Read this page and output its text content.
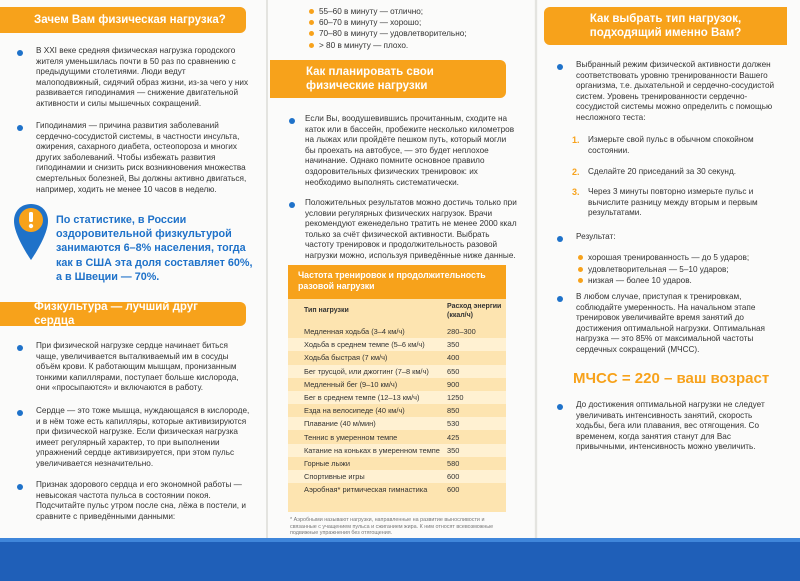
Зачем Вам физическая нагрузка?
В XXI веке средняя физическая нагрузка городского жителя уменьшилась почти в 50 раз по сравнению с предыдущими столетиями. Люди ведут малоподвижный, сидячий образ жизни, из-за чего у них развивается гиподинамия — снижение двигательной активности и силы мышечных сокращений.
Гиподинамия — причина развития заболеваний сердечно-сосудистой системы, в частности инсульта, ожирения, сахарного диабета, остеопороза и многих других заболеваний. Чтобы избежать развития гиподинамии и снизить риск возникновения множества смертельных болезней, Вы должны активно двигаться, например, ходить не менее 10 часов в неделю.
По статистике, в России оздоровительной физкультурой занимаются 6–8% населения, тогда как в США эта доля составляет 60%, а в Швеции — 70%.
Физкультура — лучший друг сердца
При физической нагрузке сердце начинает биться чаще, увеличивается выталкиваемый им в сосуды объём крови. К работающим мышцам, пронизанным тонкими капиллярами, поступает больше кислорода, они «просыпаются» и включаются в работу.
Сердце — это тоже мышца, нуждающаяся в кислороде, и в нём тоже есть капилляры, которые активизируются при физической нагрузке. Если физическая нагрузка имеет регулярный характер, то при выполнении упражнений сердце активизируется, при этом пульс увеличивается незначительно.
Признак здорового сердца и его экономной работы — невысокая частота пульса в состоянии покоя. Подсчитайте пульс утром после сна, лёжа в постели, и сравните с приведёнными данными:
55–60 в минуту — отлично;
60–70 в минуту — хорошо;
70–80 в минуту — удовлетворительно;
> 80 в минуту — плохо.
Как планировать свои физические нагрузки
Если Вы, воодушевившись прочитанным, сходите на каток или в бассейн, пробежите несколько километров на лыжах или пройдёте пешком путь, который могли бы проехать на автобусе, — это будет неплохое начинание. Однако помните основное правило оздоровительных физических тренировок: их необходимо выполнять систематически.
Положительных результатов можно достичь только при условии регулярных физических нагрузок. Врачи рекомендуют еженедельно тратить не менее 2000 ккал только за счёт физической активности. Выбрать частоту тренировок и продолжительность разовой нагрузки можно, используя приведённые ниже данные.
Частота тренировок и продолжительность разовой нагрузки
Тип нагрузки
Расход энергии (ккал/ч)
Медленная ходьба (3–4 км/ч)	280–300
Ходьба в среднем темпе (5–6 км/ч)	350
Ходьба быстрая (7 км/ч)	400
Бег трусцой, или джоггинг (7–8 км/ч) 650
Медленный бег (9–10 км/ч)	900
Бег в среднем темпе (12–13 км/ч)	1250
Езда на велосипеде (40 км/ч)	850
Плавание (40 м/мин)	530
Теннис в умеренном темпе	425
Катание на коньках в умеренном темпе 350
Горные лыжи	580
Спортивные игры	600
Аэробная* ритмическая гимнастика	600
* Аэробными называют нагрузки, направленные на развитие выносливости и связанные с учащением пульса и сжиганием жира. К ним относят всевозможные подвижные упражнения без отягощения.
Как выбрать тип нагрузок, подходящий именно Вам?
Выбранный режим физической активности должен соответствовать уровню тренированности Вашего организма, т.е. дыхательной и сердечно-сосудистой систем. Уровень тренированности сердечно-сосудистой системы можно определить с помощью несложного теста:
1. Измерьте свой пульс в обычном спокойном состоянии.
2. Сделайте 20 приседаний за 30 секунд.
3. Через 3 минуты повторно измерьте пульс и вычислите разницу между вторым и первым результатами.
Результат:
хорошая тренированность — до 5 ударов;
удовлетворительная — 5–10 ударов;
низкая — более 10 ударов.
В любом случае, приступая к тренировкам, соблюдайте умеренность. На начальном этапе тренировок увеличивайте время занятий до достижения оптимальной нагрузки. Оптимальная нагрузка — это 85% от максимальной частоты сердечных сокращений (МЧСС).
МЧСС = 220 – ваш возраст
До достижения оптимальной нагрузки не следует увеличивать интенсивность занятий, скорость ходьбы, бега или плавания, вес отягощения. Со временем, когда занятия станут для Вас привычными, интенсивность можно увеличить.
